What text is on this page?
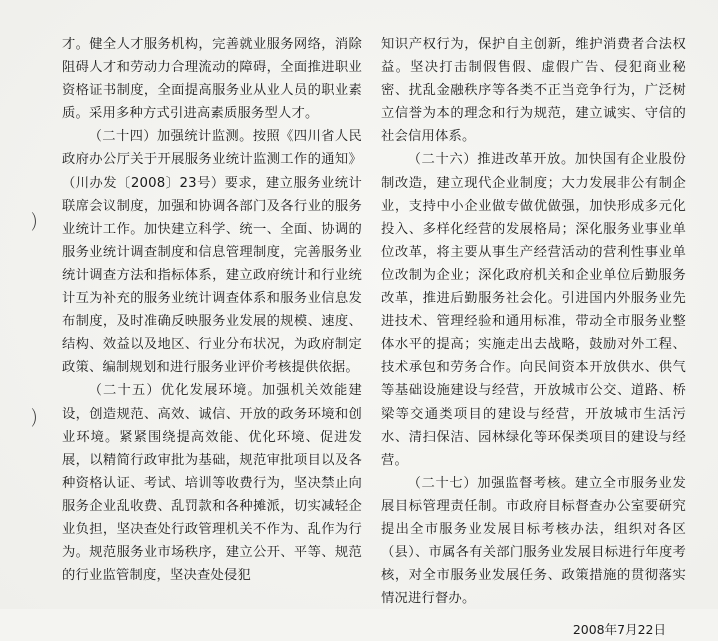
）
）

才。健全人才服务机构，完善就业服务网络，消除阻碍人才和劳动力合理流动的障碍，全面推进职业资格证书制度，全面提高服务业从业人员的职业素质。采用多种方式引进高素质服务型人才。

（二十四）加强统计监测。按照《四川省人民政府办公厅关于开展服务业统计监测工作的通知》（川办发〔2008〕23号）要求，建立服务业统计联席会议制度，加强和协调各部门及各行业的服务业统计工作。加快建立科学、统一、全面、协调的服务业统计调查制度和信息管理制度，完善服务业统计调查方法和指标体系，建立政府统计和行业统计互为补充的服务业统计调查体系和服务业信息发布制度，及时准确反映服务业发展的规模、速度、结构、效益以及地区、行业分布状况，为政府制定政策、编制规划和进行服务业评价考核提供依据。

（二十五）优化发展环境。加强机关效能建设，创造规范、高效、诚信、开放的政务环境和创业环境。紧紧围绕提高效能、优化环境、促进发展，以精简行政审批为基础，规范审批项目以及各种资格认证、考试、培训等收费行为，坚决禁止向服务企业乱收费、乱罚款和各种摊派，切实减轻企业负担，坚决查处行政管理机关不作为、乱作为行为。规范服务业市场秩序，建立公开、平等、规范的行业监管制度，坚决查处侵犯

知识产权行为，保护自主创新，维护消费者合法权益。坚决打击制假售假、虚假广告、侵犯商业秘密、扰乱金融秩序等各类不正当竞争行为，广泛树立信誉为本的理念和行为规范，建立诚实、守信的社会信用体系。

（二十六）推进改革开放。加快国有企业股份制改造，建立现代企业制度；大力发展非公有制企业，支持中小企业做专做优做强，加快形成多元化投入、多样化经营的发展格局；深化服务业事业单位改革，将主要从事生产经营活动的营利性事业单位改制为企业；深化政府机关和企业单位后勤服务改革，推进后勤服务社会化。引进国内外服务业先进技术、管理经验和通用标准，带动全市服务业整体水平的提高；实施走出去战略，鼓励对外工程、技术承包和劳务合作。向民间资本开放供水、供气等基础设施建设与经营，开放城市公交、道路、桥梁等交通类项目的建设与经营，开放城市生活污水、清扫保洁、园林绿化等环保类项目的建设与经营。

（二十七）加强监督考核。建立全市服务业发展目标管理责任制。市政府目标督查办公室要研究提出全市服务业发展目标考核办法，组织对各区（县）、市属各有关部门服务业发展目标进行年度考核，对全市服务业发展任务、政策措施的贯彻落实情况进行督办。

2008年7月22日
